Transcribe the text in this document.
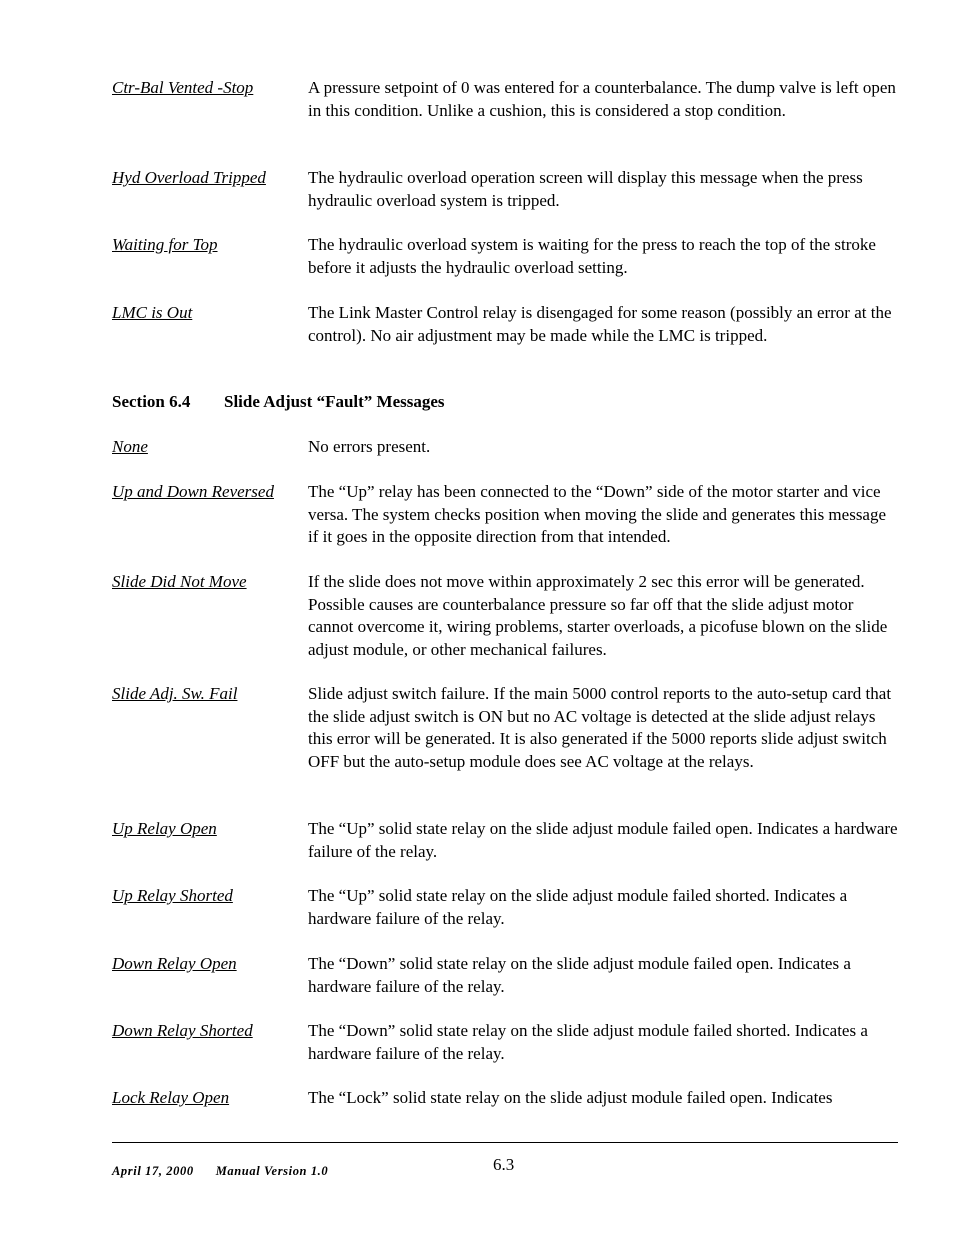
Ctr-Bal Vented -Stop	A pressure setpoint of 0 was entered for a counterbalance. The dump valve is left open in this condition. Unlike a cushion, this is considered a stop condition.
Hyd Overload Tripped	The hydraulic overload operation screen will display this message when the press hydraulic overload system is tripped.
Waiting for Top	The hydraulic overload system is waiting for the press to reach the top of the stroke before it adjusts the hydraulic overload setting.
LMC is Out	The Link Master Control relay is disengaged for some reason (possibly an error at the control). No air adjustment may be made while the LMC is tripped.
Section 6.4 Slide Adjust “Fault” Messages
None	No errors present.
Up and Down Reversed	The “Up” relay has been connected to the “Down” side of the motor starter and vice versa. The system checks position when moving the slide and generates this message if it goes in the opposite direction from that intended.
Slide Did Not Move	If the slide does not move within approximately 2 sec this error will be generated. Possible causes are counterbalance pressure so far off that the slide adjust motor cannot overcome it, wiring problems, starter overloads, a picofuse blown on the slide adjust module, or other mechanical failures.
Slide Adj. Sw. Fail	Slide adjust switch failure. If the main 5000 control reports to the auto-setup card that the slide adjust switch is ON but no AC voltage is detected at the slide adjust relays this error will be generated. It is also generated if the 5000 reports slide adjust switch OFF but the auto-setup module does see AC voltage at the relays.
Up Relay Open	The “Up” solid state relay on the slide adjust module failed open. Indicates a hardware failure of the relay.
Up Relay Shorted	The “Up” solid state relay on the slide adjust module failed shorted. Indicates a hardware failure of the relay.
Down Relay Open	The “Down” solid state relay on the slide adjust module failed open. Indicates a hardware failure of the relay.
Down Relay Shorted	The “Down” solid state relay on the slide adjust module failed shorted. Indicates a hardware failure of the relay.
Lock Relay Open	The “Lock” solid state relay on the slide adjust module failed open. Indicates
April 17, 2000 Manual Version 1.0	6.3
